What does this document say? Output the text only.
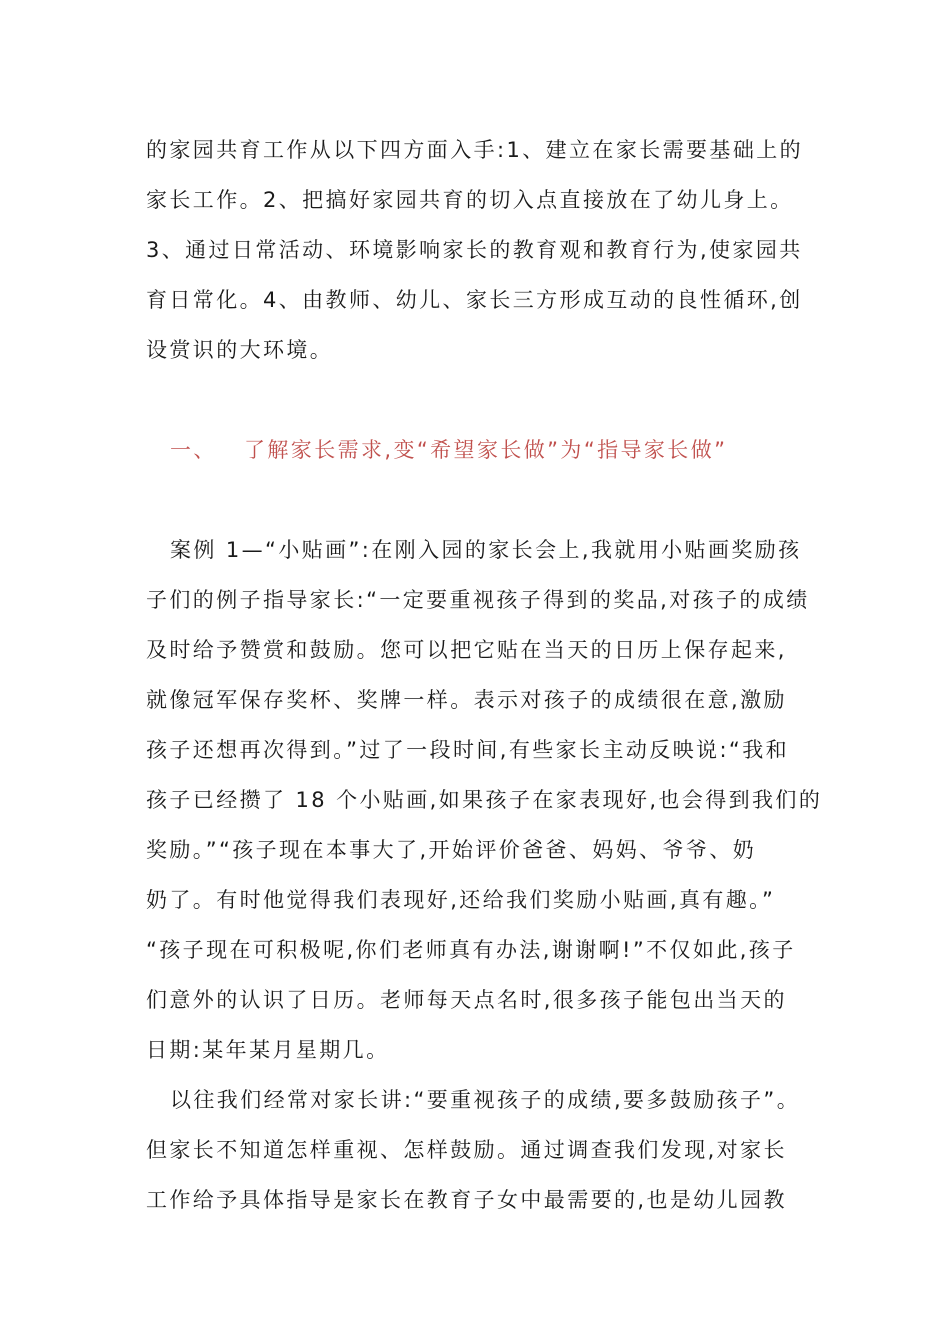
的家园共育工作从以下四方面入手:1、建立在家长需要基础上的
家长工作。2、把搞好家园共育的切入点直接放在了幼儿身上。
3、通过日常活动、环境影响家长的教育观和教育行为,使家园共
育日常化。4、由教师、幼儿、家长三方形成互动的良性循环,创
设赏识的大环境。
一、 了解家长需求,变“希望家长做”为“指导家长做”
案例 1—“小贴画”:在刚入园的家长会上,我就用小贴画奖励孩
子们的例子指导家长:“一定要重视孩子得到的奖品,对孩子的成绩
及时给予赞赏和鼓励。您可以把它贴在当天的日历上保存起来,
就像冠军保存奖杯、奖牌一样。表示对孩子的成绩很在意,激励
孩子还想再次得到。”过了一段时间,有些家长主动反映说:“我和
孩子已经攒了 18 个小贴画,如果孩子在家表现好,也会得到我们的
奖励。”“孩子现在本事大了,开始评价爸爸、妈妈、爷爷、奶
奶了。有时他觉得我们表现好,还给我们奖励小贴画,真有趣。”
“孩子现在可积极呢,你们老师真有办法,谢谢啊!”不仅如此,孩子
们意外的认识了日历。老师每天点名时,很多孩子能包出当天的
日期:某年某月星期几。
以往我们经常对家长讲:“要重视孩子的成绩,要多鼓励孩子”。
但家长不知道怎样重视、怎样鼓励。通过调查我们发现,对家长
工作给予具体指导是家长在教育子女中最需要的,也是幼儿园教
